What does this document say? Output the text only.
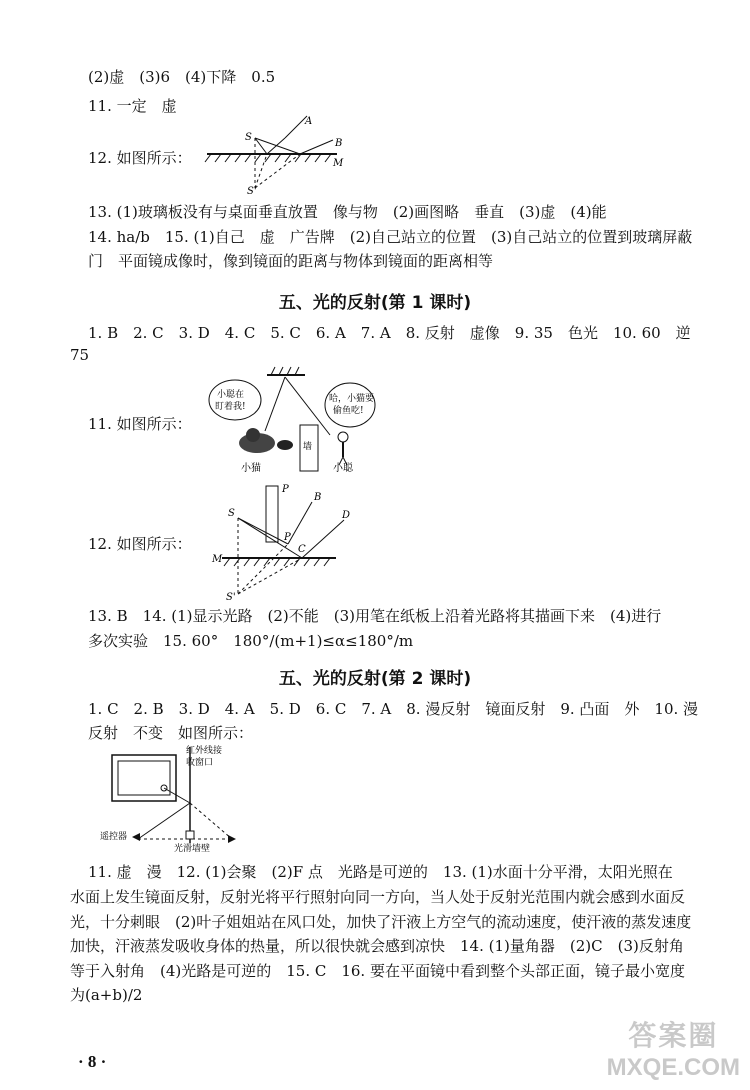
(2)虚　(3)6　(4)下降　0.5
11. 一定　虚
S
A
B
M
S'
12. 如图所示：
13. (1)玻璃板没有与桌面垂直放置　像与物　(2)画图略　垂直　(3)虚　(4)能
14. ha/b　15. (1)自己　虚　广告牌　(2)自己站立的位置　(3)自己站立的位置到玻璃屏蔽
门　平面镜成像时，像到镜面的距离与物体到镜面的距离相等
五、光的反射(第 1 课时)
1. B　2. C　3. D　4. C　5. C　6. A　7. A　8. 反射　虚像　9. 35　色光　10. 60　逆
75
小聪在
盯着我!
哈，小猫要
偷鱼吃!
墙
小猫	小聪
11. 如图所示：
S
P
B
D
C
P
M
S'
12. 如图所示：
13. B　14. (1)显示光路　(2)不能　(3)用笔在纸板上沿着光路将其描画下来　(4)进行
多次实验　15. 60°　180°/(m+1)≤α≤180°/m
五、光的反射(第 2 课时)
1. C　2. B　3. D　4. A　5. D　6. C　7. A　8. 漫反射　镜面反射　9. 凸面　外　10. 漫
反射　不变　如图所示：
红外线接
收窗口
遥控器
光滑墙壁
11. 虚　漫　12. (1)会聚　(2)F 点　光路是可逆的　13. (1)水面十分平滑，太阳光照在
水面上发生镜面反射，反射光将平行照射向同一方向，当人处于反射光范围内就会感到水面反
光，十分刺眼　(2)叶子姐姐站在风口处，加快了汗液上方空气的流动速度，使汗液的蒸发速度
加快，汗液蒸发吸收身体的热量，所以很快就会感到凉快　14. (1)量角器　(2)C　(3)反射角
等于入射角　(4)光路是可逆的　15. C　16. 要在平面镜中看到整个头部正面，镜子最小宽度
为(a+b)/2
· 8 ·
答案圈
MXQE.COM
